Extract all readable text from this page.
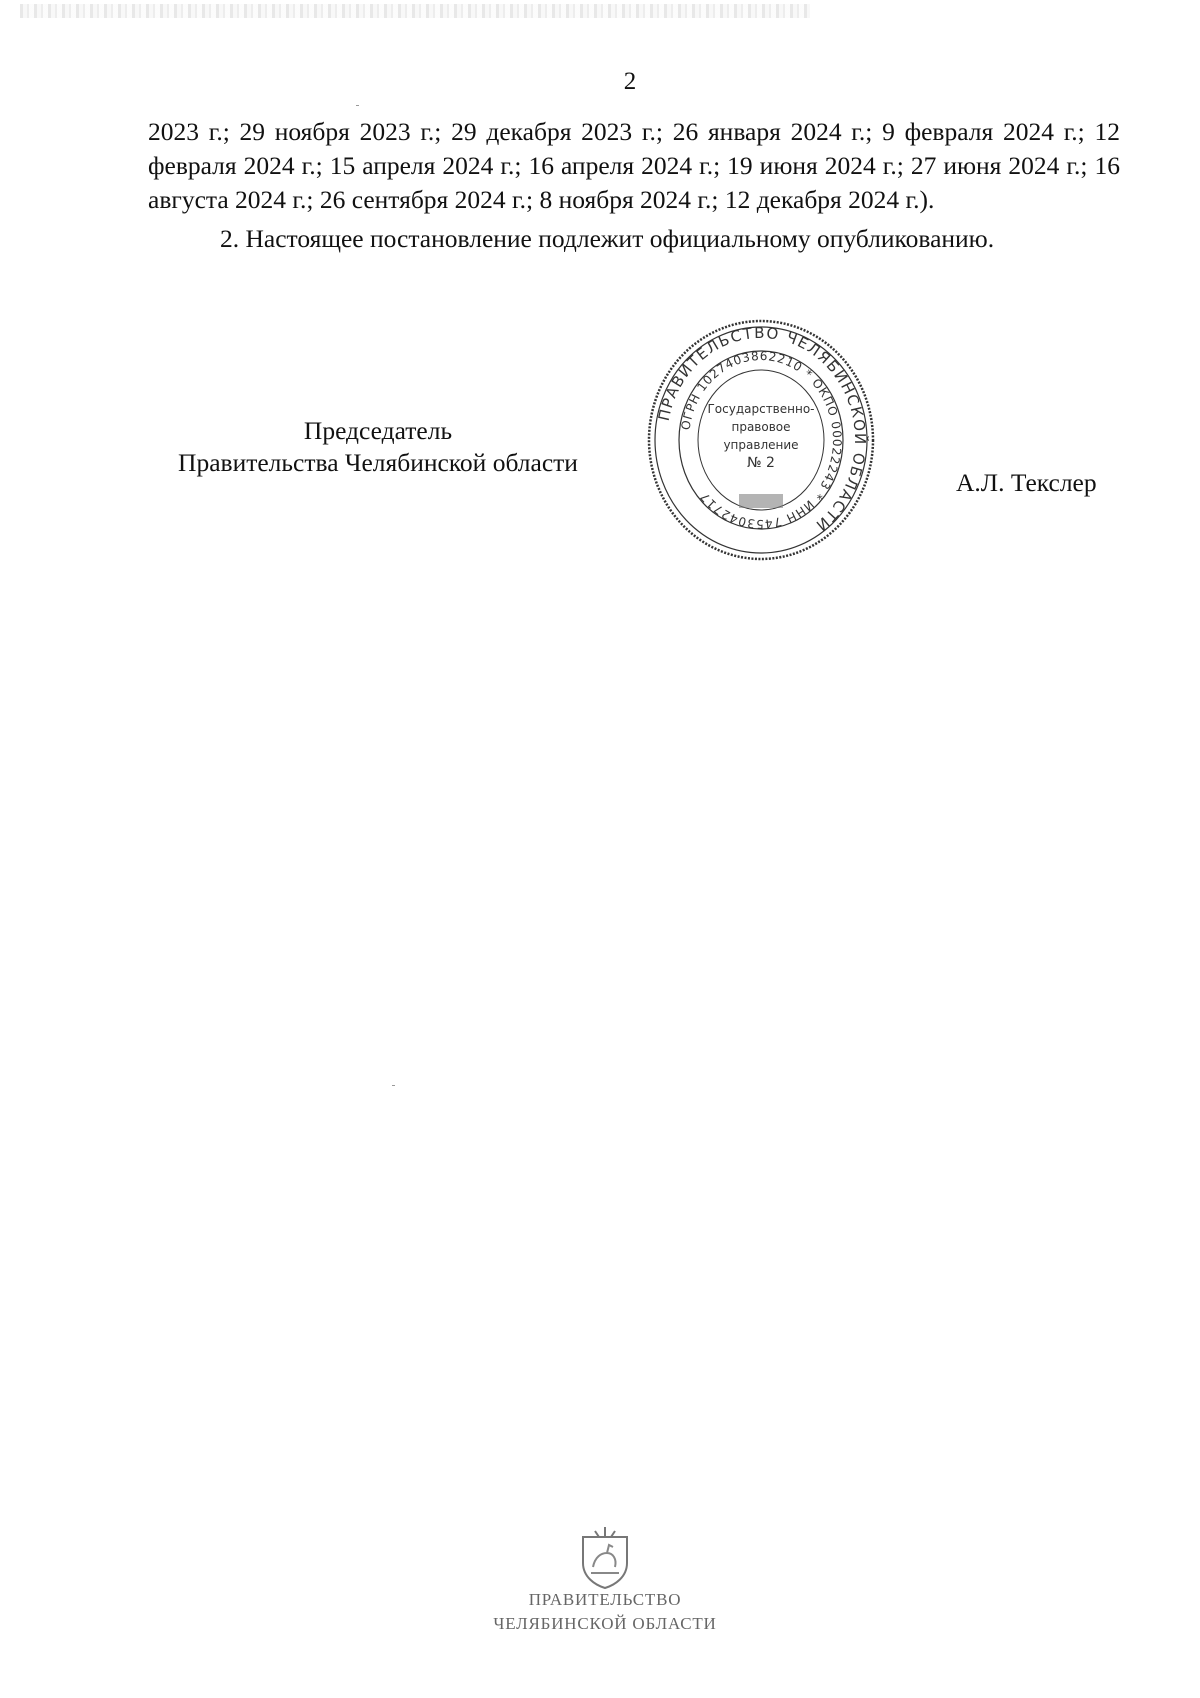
2

2023 г.; 29 ноября 2023 г.; 29 декабря 2023 г.; 26 января 2024 г.; 9 февраля 2024 г.; 12 февраля 2024 г.; 15 апреля 2024 г.; 16 апреля 2024 г.; 19 июня 2024 г.; 27 июня 2024 г.; 16 августа 2024 г.; 26 сентября 2024 г.; 8 ноября 2024 г.; 12 декабря 2024 г.).

2. Настоящее постановление подлежит официальному опубликованию.

Председатель
Правительства Челябинской области
А.Л. Текслер
ПРАВИТЕЛЬСТВО ЧЕЛЯБИНСКОЙ ОБЛАСТИ
ОГРН 1027403862210 * ОКПО 00022243 * ИНН 7453042717
Государственно-
правовое
управление
№ 2
ПРАВИТЕЛЬСТВО
ЧЕЛЯБИНСКОЙ ОБЛАСТИ
